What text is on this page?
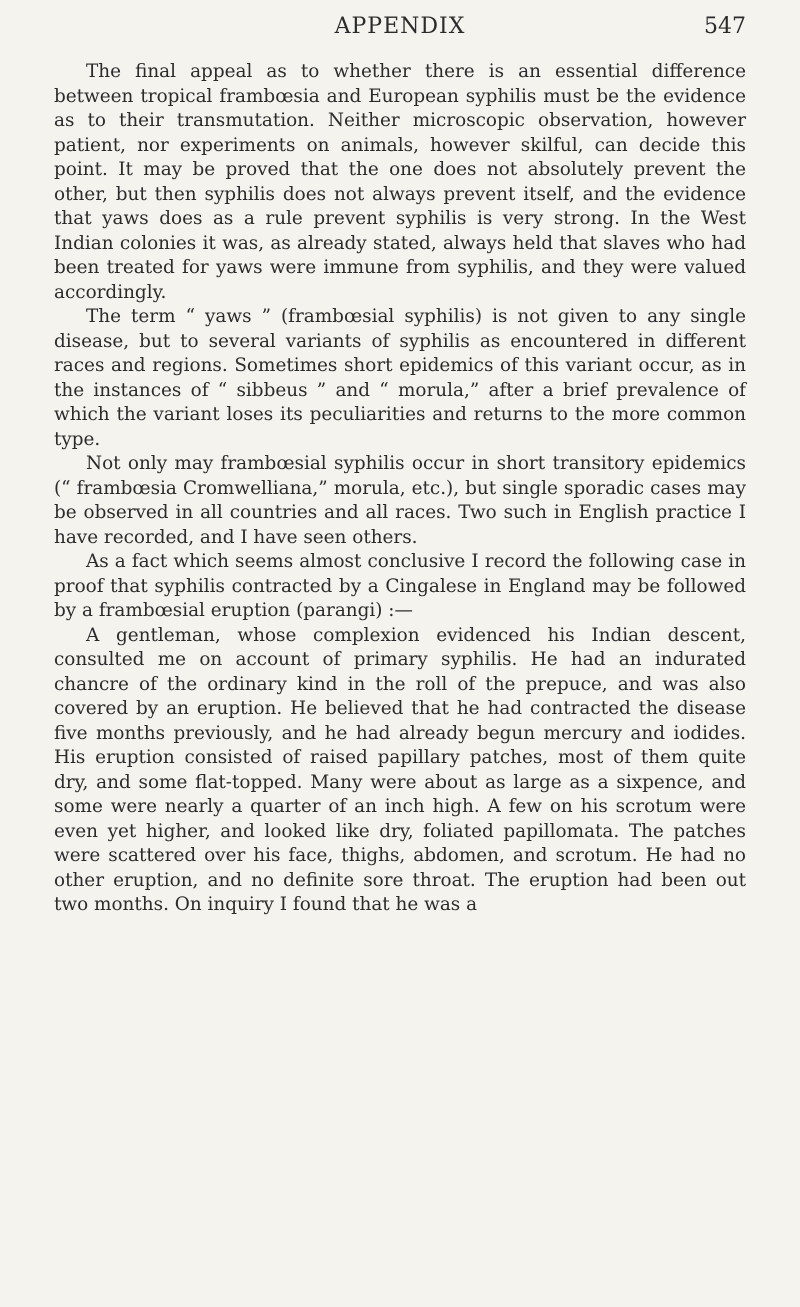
APPENDIX	547

The final appeal as to whether there is an essential difference between tropical frambœsia and European syphilis must be the evidence as to their transmutation. Neither microscopic observation, however patient, nor experiments on animals, however skilful, can decide this point. It may be proved that the one does not absolutely prevent the other, but then syphilis does not always prevent itself, and the evidence that yaws does as a rule prevent syphilis is very strong. In the West Indian colonies it was, as already stated, always held that slaves who had been treated for yaws were immune from syphilis, and they were valued accordingly.

The term “ yaws ” (frambœsial syphilis) is not given to any single disease, but to several variants of syphilis as encountered in different races and regions. Sometimes short epidemics of this variant occur, as in the instances of “ sibbeus ” and “ morula,” after a brief prevalence of which the variant loses its peculiarities and returns to the more common type.

Not only may frambœsial syphilis occur in short transitory epidemics (“ frambœsia Cromwelliana,” morula, etc.), but single sporadic cases may be observed in all countries and all races. Two such in English practice I have recorded, and I have seen others.

As a fact which seems almost conclusive I record the following case in proof that syphilis contracted by a Cingalese in England may be followed by a frambœsial eruption (parangi) :—

A gentleman, whose complexion evidenced his Indian descent, consulted me on account of primary syphilis. He had an indurated chancre of the ordinary kind in the roll of the prepuce, and was also covered by an eruption. He believed that he had contracted the disease five months previously, and he had already begun mercury and iodides. His eruption consisted of raised papillary patches, most of them quite dry, and some flat-topped. Many were about as large as a sixpence, and some were nearly a quarter of an inch high. A few on his scrotum were even yet higher, and looked like dry, foliated papillomata. The patches were scattered over his face, thighs, abdomen, and scrotum. He had no other eruption, and no definite sore throat. The eruption had been out two months. On inquiry I found that he was a
